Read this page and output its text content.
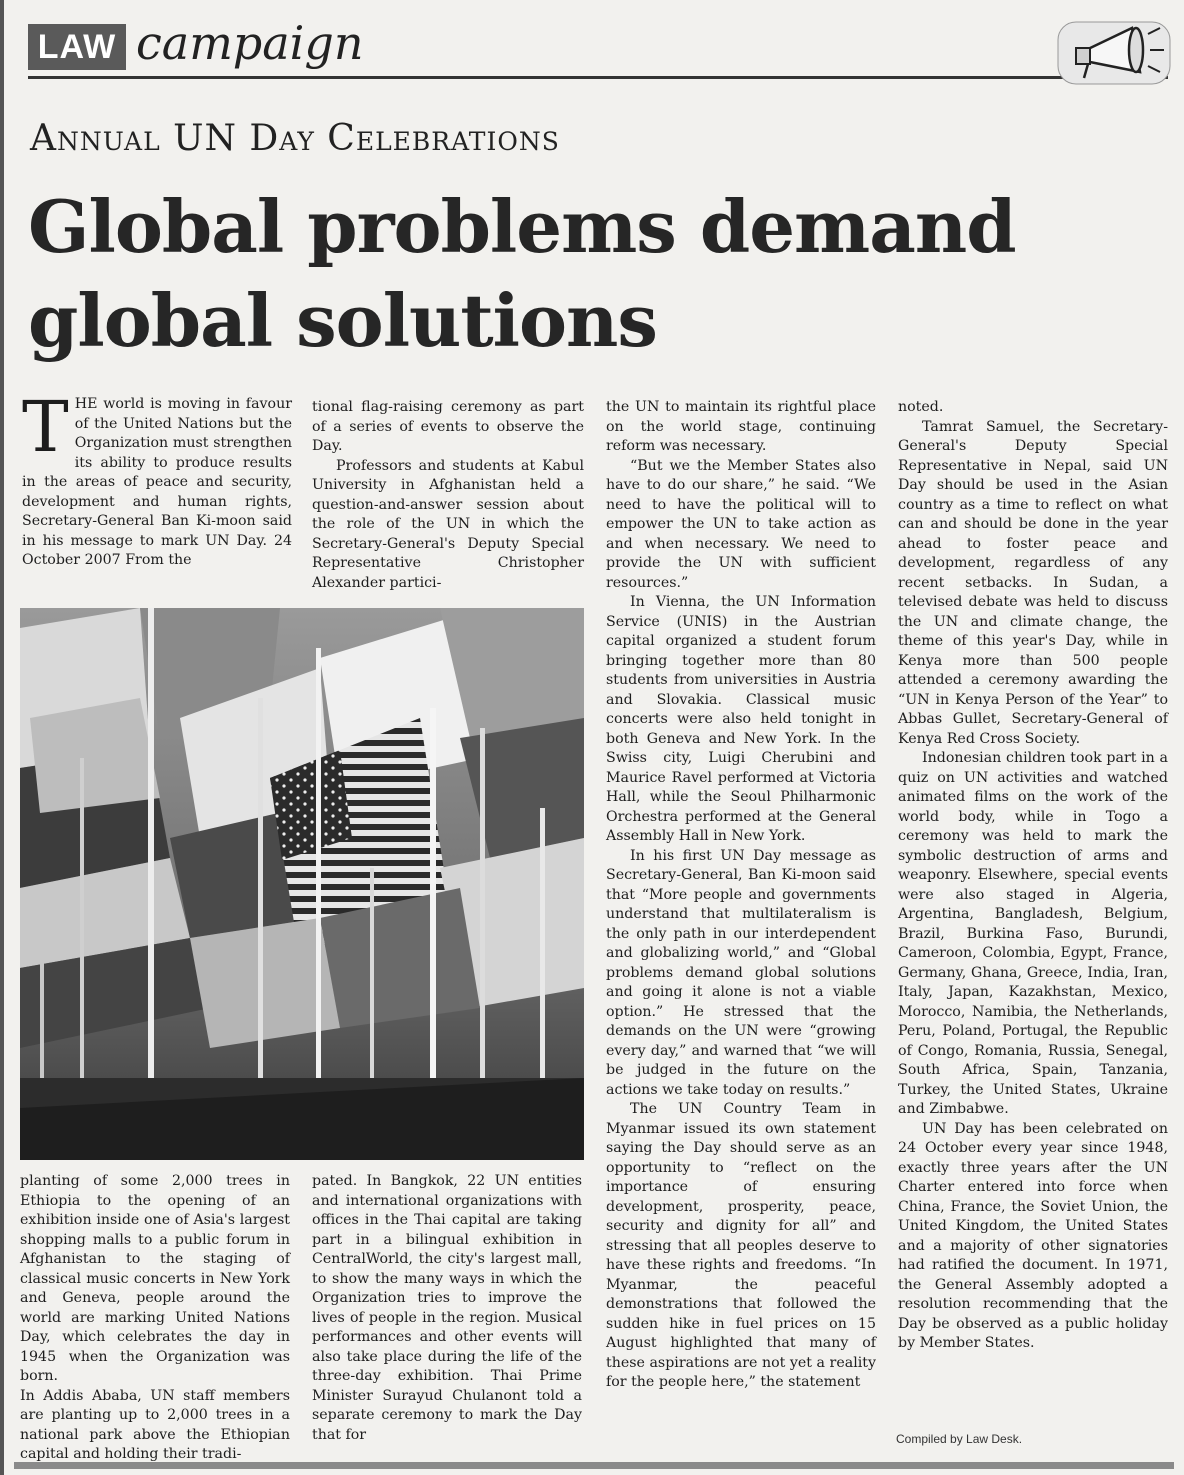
LAW campaign
Annual UN Day Celebrations
Global problems demand global solutions

THE world is moving in favour of the United Nations but the Organization must strengthen its ability to produce results in the areas of peace and security, development and human rights, Secretary-General Ban Ki-moon said in his message to mark UN Day. 24 October 2007 From the

tional flag-raising ceremony as part of a series of events to observe the Day.

Professors and students at Kabul University in Afghanistan held a question-and-answer session about the role of the UN in which the Secretary-General's Deputy Special Representative Christopher Alexander partici-

planting of some 2,000 trees in Ethiopia to the opening of an exhibition inside one of Asia's largest shopping malls to a public forum in Afghanistan to the staging of classical music concerts in New York and Geneva, people around the world are marking United Nations Day, which celebrates the day in 1945 when the Organization was born.

In Addis Ababa, UN staff members are planting up to 2,000 trees in a national park above the Ethiopian capital and holding their tradi-

pated. In Bangkok, 22 UN entities and international organizations with offices in the Thai capital are taking part in a bilingual exhibition in CentralWorld, the city's largest mall, to show the many ways in which the Organization tries to improve the lives of people in the region. Musical performances and other events will also take place during the life of the three-day exhibition. Thai Prime Minister Surayud Chulanont told a separate ceremony to mark the Day that for

the UN to maintain its rightful place on the world stage, continuing reform was necessary.

“But we the Member States also have to do our share,” he said. “We need to have the political will to empower the UN to take action as and when necessary. We need to provide the UN with sufficient resources.”

In Vienna, the UN Information Service (UNIS) in the Austrian capital organized a student forum bringing together more than 80 students from universities in Austria and Slovakia. Classical music concerts were also held tonight in both Geneva and New York. In the Swiss city, Luigi Cherubini and Maurice Ravel performed at Victoria Hall, while the Seoul Philharmonic Orchestra performed at the General Assembly Hall in New York.

In his first UN Day message as Secretary-General, Ban Ki-moon said that “More people and governments understand that multilateralism is the only path in our interdependent and globalizing world,” and “Global problems demand global solutions and going it alone is not a viable option.” He stressed that the demands on the UN were “growing every day,” and warned that “we will be judged in the future on the actions we take today on results.”

The UN Country Team in Myanmar issued its own statement saying the Day should serve as an opportunity to “reflect on the importance of ensuring development, prosperity, peace, security and dignity for all” and stressing that all peoples deserve to have these rights and freedoms. “In Myanmar, the peaceful demonstrations that followed the sudden hike in fuel prices on 15 August highlighted that many of these aspirations are not yet a reality for the people here,” the statement

noted.

Tamrat Samuel, the Secretary-General's Deputy Special Representative in Nepal, said UN Day should be used in the Asian country as a time to reflect on what can and should be done in the year ahead to foster peace and development, regardless of any recent setbacks. In Sudan, a televised debate was held to discuss the UN and climate change, the theme of this year's Day, while in Kenya more than 500 people attended a ceremony awarding the “UN in Kenya Person of the Year” to Abbas Gullet, Secretary-General of Kenya Red Cross Society.

Indonesian children took part in a quiz on UN activities and watched animated films on the work of the world body, while in Togo a ceremony was held to mark the symbolic destruction of arms and weaponry. Elsewhere, special events were also staged in Algeria, Argentina, Bangladesh, Belgium, Brazil, Burkina Faso, Burundi, Cameroon, Colombia, Egypt, France, Germany, Ghana, Greece, India, Iran, Italy, Japan, Kazakhstan, Mexico, Morocco, Namibia, the Netherlands, Peru, Poland, Portugal, the Republic of Congo, Romania, Russia, Senegal, South Africa, Spain, Tanzania, Turkey, the United States, Ukraine and Zimbabwe.

UN Day has been celebrated on 24 October every year since 1948, exactly three years after the UN Charter entered into force when China, France, the Soviet Union, the United Kingdom, the United States and a majority of other signatories had ratified the document. In 1971, the General Assembly adopted a resolution recommending that the Day be observed as a public holiday by Member States.

Compiled by Law Desk.
